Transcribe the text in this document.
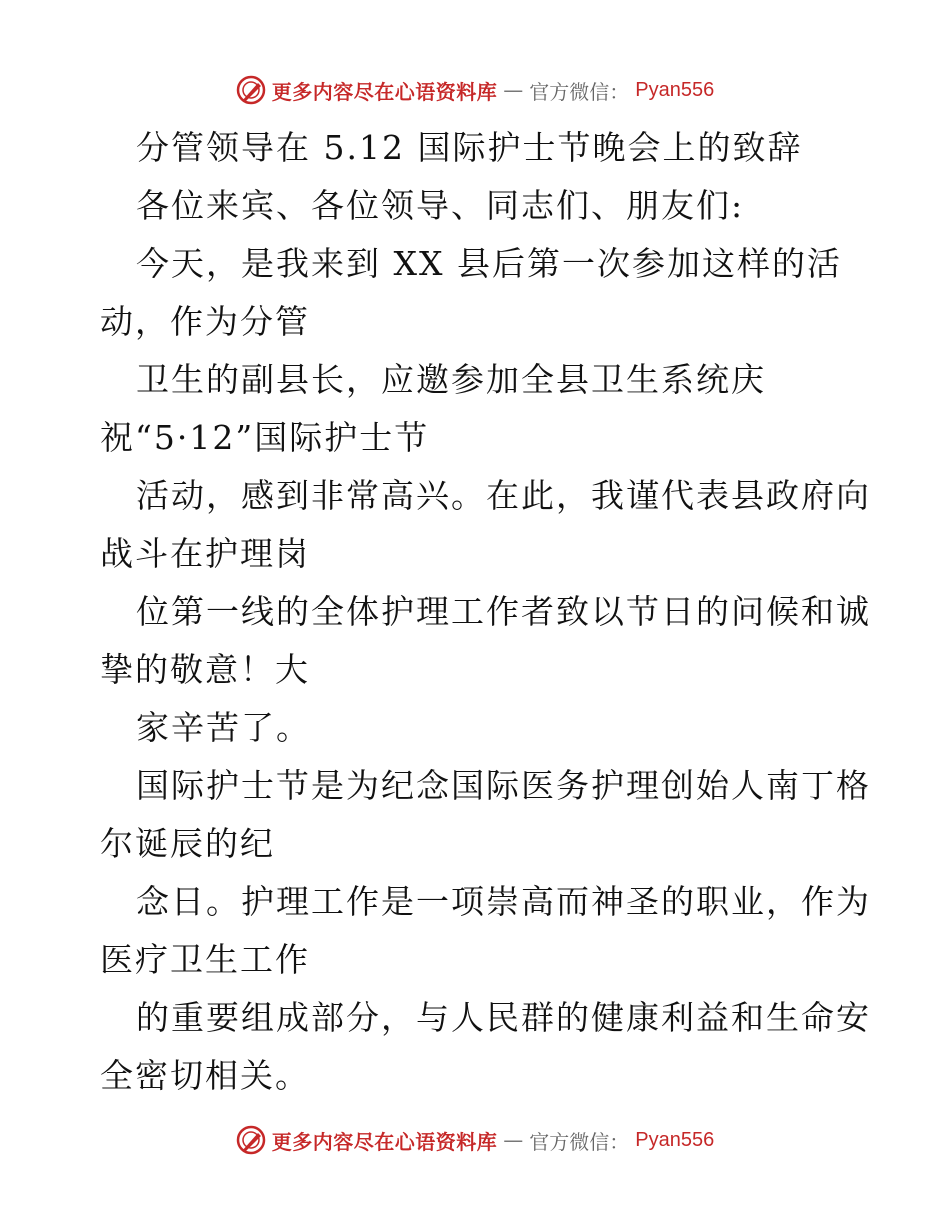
更多内容尽在心语资料库 — 官方微信： Pyan556
分管领导在 5.12 国际护士节晚会上的致辞
各位来宾、各位领导、同志们、朋友们:
今天，是我来到 XX 县后第一次参加这样的活
动，作为分管
卫生的副县长，应邀参加全县卫生系统庆
祝“5·12”国际护士节
活动，感到非常高兴。在此，我谨代表县政府向
战斗在护理岗
位第一线的全体护理工作者致以节日的问候和诚
挚的敬意！大
家辛苦了。
国际护士节是为纪念国际医务护理创始人南丁格
尔诞辰的纪
念日。护理工作是一项崇高而神圣的职业，作为
医疗卫生工作
的重要组成部分，与人民群的健康利益和生命安
全密切相关。
更多内容尽在心语资料库 — 官方微信： Pyan556
